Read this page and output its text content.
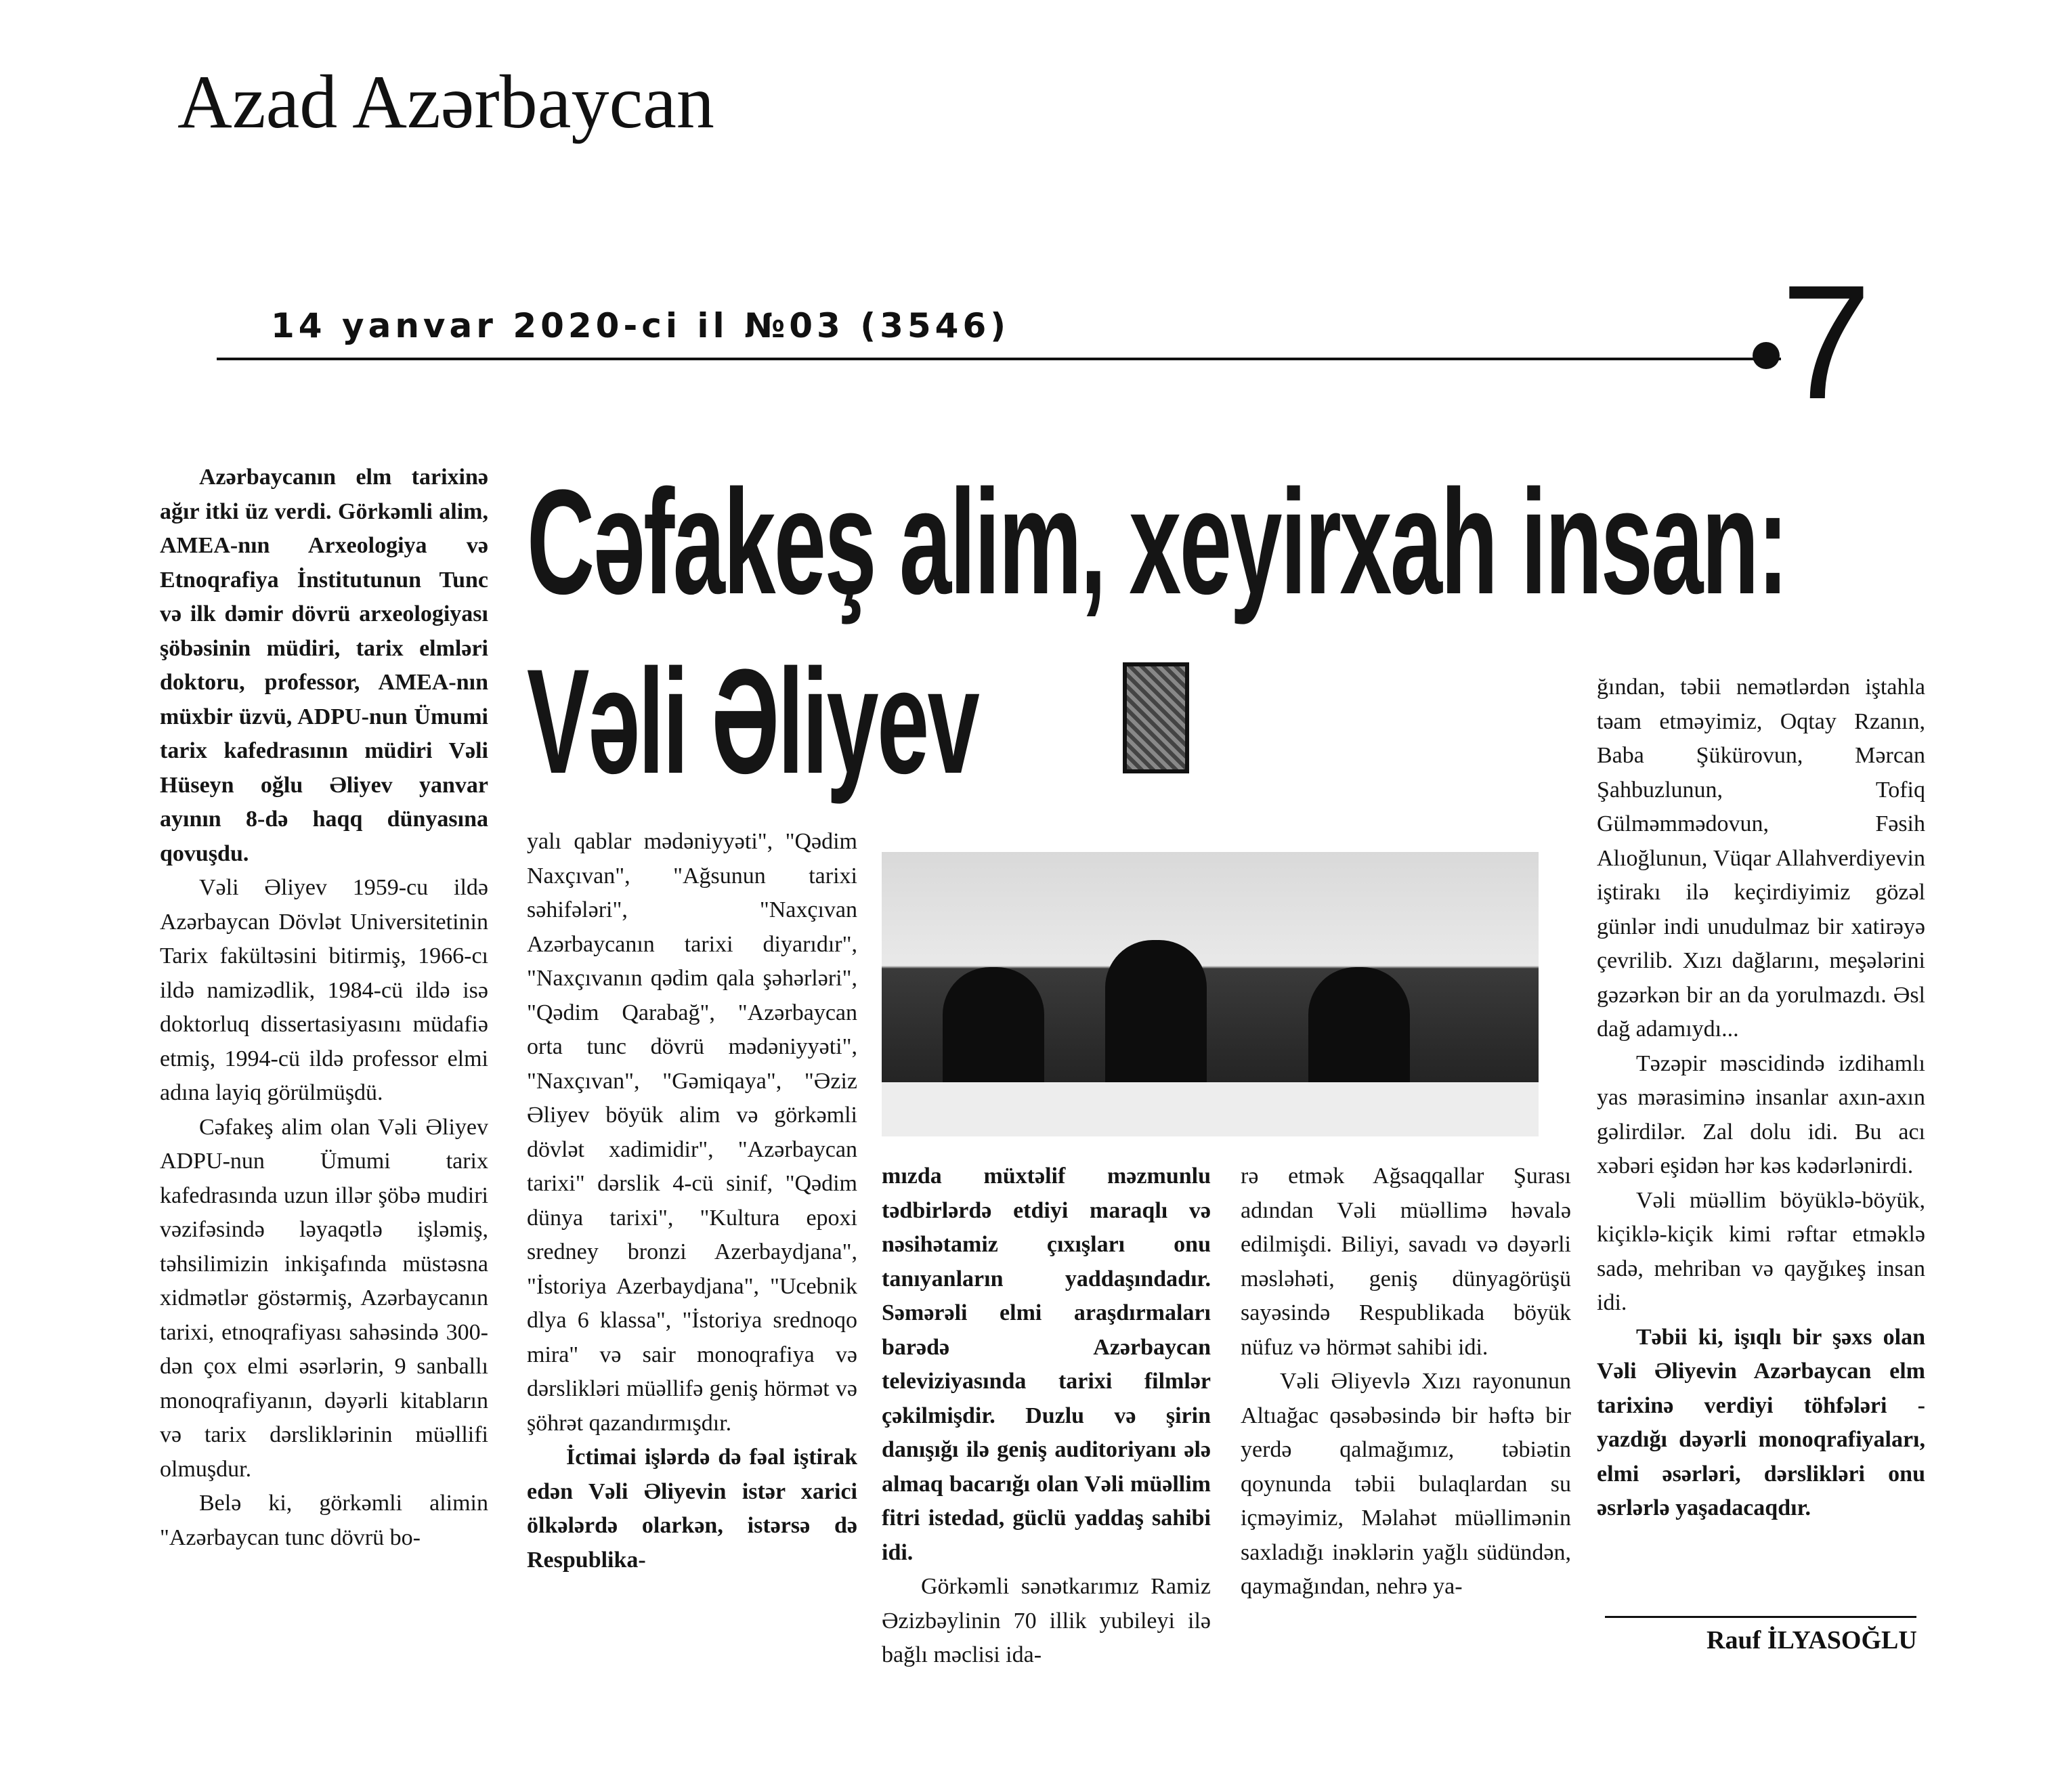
Azad Azərbaycan
14 yanvar 2020-ci il №03 (3546)	7
Cəfakeş alim, xeyirxah insan:
Vəli Əliyev

Azərbaycanın elm tarixinə ağır itki üz verdi. Görkəmli alim, AMEA-nın Arxeologiya və Etnoqrafiya İnstitutunun Tunc və ilk dəmir dövrü arxeologiyası şöbəsinin müdiri, tarix elmləri doktoru, professor, AMEA-nın müxbir üzvü, ADPU-nun Ümumi tarix kafedrasının müdiri Vəli Hüseyn oğlu Əliyev yanvar ayının 8-də haqq dünyasına qovuşdu.

Vəli Əliyev 1959-cu ildə Azərbaycan Dövlət Universitetinin Tarix fakültəsini bitirmiş, 1966-cı ildə namizədlik, 1984-cü ildə isə doktorluq dissertasiyasını müdafiə etmiş, 1994-cü ildə professor elmi adına layiq görülmüşdü.

Cəfakeş alim olan Vəli Əliyev ADPU-nun Ümumi tarix kafedrasında uzun illər şöbə mudiri vəzifəsində ləyaqətlə işləmiş, təhsilimizin inkişafında müstəsna xidmətlər göstərmiş, Azərbaycanın tarixi, etnoqrafiyası sahəsində 300-dən çox elmi əsərlərin, 9 sanballı monoqrafiyanın, dəyərli kitabların və tarix dərsliklərinin müəllifi olmuşdur.

Belə ki, görkəmli alimin "Azərbaycan tunc dövrü bo-

yalı qablar mədəniyyəti", "Qədim Naxçıvan", "Ağsunun tarixi səhifələri", "Naxçıvan Azərbaycanın tarixi diyarıdır", "Naxçıvanın qədim qala şəhərləri", "Qədim Qarabağ", "Azərbaycan orta tunc dövrü mədəniyyəti", "Naxçıvan", "Gəmiqaya", "Əziz Əliyev böyük alim və görkəmli dövlət xadimidir", "Azərbaycan tarixi" dərslik 4-cü sinif, "Qədim dünya tarixi", "Kultura epoxi sredney bronzi Azerbaydjana", "İstoriya Azerbaydjana", "Ucebnik dlya 6 klassa", "İstoriya srednoqo mira" və sair monoqrafiya və dərslikləri müəllifə geniş hörmət və şöhrət qazandırmışdır.

İctimai işlərdə də fəal iştirak edən Vəli Əliyevin istər xarici ölkələrdə olarkən, istərsə də Respublika-

mızda müxtəlif məzmunlu tədbirlərdə etdiyi maraqlı və nəsihətamiz çıxışları onu tanıyanların yaddaşındadır. Səmərəli elmi araşdırmaları barədə Azərbaycan televiziyasında tarixi filmlər çəkilmişdir. Duzlu və şirin danışığı ilə geniş auditoriyanı ələ almaq bacarığı olan Vəli müəllim fitri istedad, güclü yaddaş sahibi idi.

Görkəmli sənətkarımız Ramiz Əzizbəylinin 70 illik yubileyi ilə bağlı məclisi ida-

rə etmək Ağsaqqallar Şurası adından Vəli müəllimə həvalə edilmişdi. Biliyi, savadı və dəyərli məsləhəti, geniş dünyagörüşü sayəsində Respublikada böyük nüfuz və hörmət sahibi idi.

Vəli Əliyevlə Xızı rayonunun Altıağac qəsəbəsində bir həftə bir yerdə qalmağımız, təbiətin qoynunda təbii bulaqlardan su içməyimiz, Məlahət müəllimənin saxladığı inəklərin yağlı südündən, qaymağından, nehrə ya-

ğından, təbii nemətlərdən iştahla təam etməyimiz, Oqtay Rzanın, Baba Şükürovun, Mərcan Şahbuzlunun, Tofiq Gülməmmədovun, Fəsih Alıoğlunun, Vüqar Allahverdiyevin iştirakı ilə keçirdiyimiz gözəl günlər indi unudulmaz bir xatirəyə çevrilib. Xızı dağlarını, meşələrini gəzərkən bir an da yorulmazdı. Əsl dağ adamıydı...

Təzəpir məscidində izdihamlı yas mərasiminə insanlar axın-axın gəlirdilər. Zal dolu idi. Bu acı xəbəri eşidən hər kəs kədərlənirdi.

Vəli müəllim böyüklə-böyük, kiçiklə-kiçik kimi rəftar etməklə sadə, mehriban və qayğıkeş insan idi.

Təbii ki, işıqlı bir şəxs olan Vəli Əliyevin Azərbaycan elm tarixinə verdiyi töhfələri - yazdığı dəyərli monoqrafiyaları, elmi əsərləri, dərslikləri onu əsrlərlə yaşadacaqdır.

Rauf İLYASOĞLU
